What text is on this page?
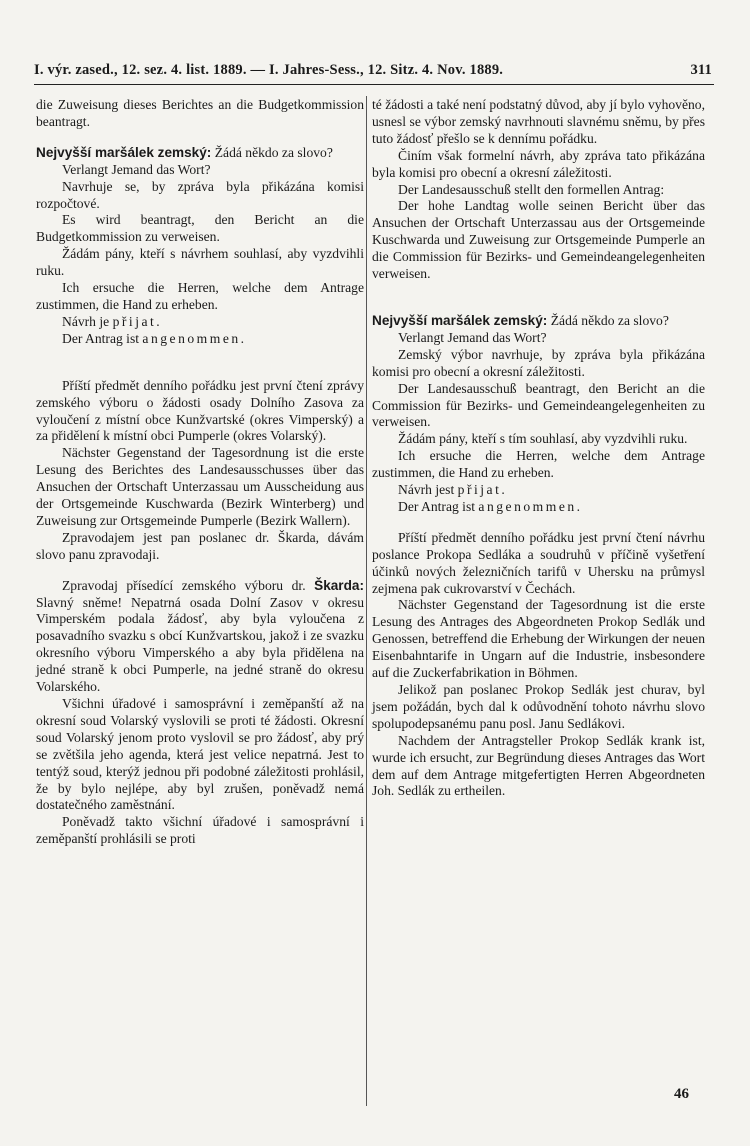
I. výr. zased., 12. sez. 4. list. 1889. — I. Jahres-Sess., 12. Sitz. 4. Nov. 1889.	311

die Zuweisung dieses Berichtes an die Budgetkommission beantragt.

Nejvyšší maršálek zemský: Žádá někdo za slovo?

Verlangt Jemand das Wort?

Navrhuje se, by zpráva byla přikázána komisi rozpočtové.

Es wird beantragt, den Bericht an die Budgetkommission zu verweisen.

Žádám pány, kteří s návrhem souhlasí, aby vyzdvihli ruku.

Ich ersuche die Herren, welche dem Antrage zustimmen, die Hand zu erheben.

Návrh je přijat.

Der Antrag ist angenommen.

Příští předmět denního pořádku jest první čtení zprávy zemského výboru o žádosti osady Dolního Zasova za vyloučení z místní obce Kunžvartské (okres Vimperský) a za přidělení k místní obci Pumperle (okres Volarský).

Nächster Gegenstand der Tagesordnung ist die erste Lesung des Berichtes des Landesausschusses über das Ansuchen der Ortschaft Unterzassau um Ausscheidung aus der Ortsgemeinde Kuschwarda (Bezirk Winterberg) und Zuweisung zur Ortsgemeinde Pumperle (Bezirk Wallern).

Zpravodajem jest pan poslanec dr. Škarda, dávám slovo panu zpravodaji.

Zpravodaj přísedící zemského výboru dr. Škarda: Slavný sněme! Nepatrná osada Dolní Zasov v okresu Vimperském podala žádosť, aby byla vyloučena z posavadního svazku s obcí Kunžvartskou, jakož i ze svazku okresního výboru Vimperského a aby byla přidělena na jedné straně k obci Pumperle, na jedné straně do okresu Volarského.

Všichni úřadové i samosprávní i zeměpanští až na okresní soud Volarský vyslovili se proti té žádosti. Okresní soud Volarský jenom proto vyslovil se pro žádosť, aby prý se zvětšila jeho agenda, která jest velice nepatrná. Jest to tentýž soud, kterýž jednou při podobné záležitosti prohlásil, že by bylo nejlépe, aby byl zrušen, poněvadž nemá dostatečného zaměstnání.

Poněvadž takto všichní úřadové i samosprávní i zeměpanští prohlásili se proti

té žádosti a také není podstatný důvod, aby jí bylo vyhověno, usnesl se výbor zemský navrhnouti slavnému sněmu, by přes tuto žádosť přešlo se k dennímu pořádku.

Činím však formelní návrh, aby zpráva tato přikázána byla komisi pro obecní a okresní záležitosti.

Der Landesausschuß stellt den formellen Antrag:

Der hohe Landtag wolle seinen Bericht über das Ansuchen der Ortschaft Unterzassau aus der Ortsgemeinde Kuschwarda und Zuweisung zur Ortsgemeinde Pumperle an die Commission für Bezirks- und Gemeindeangelegenheiten verweisen.

Nejvyšší maršálek zemský: Žádá někdo za slovo?

Verlangt Jemand das Wort?

Zemský výbor navrhuje, by zpráva byla přikázána komisi pro obecní a okresní záležitosti.

Der Landesausschuß beantragt, den Bericht an die Commission für Bezirks- und Gemeindeangelegenheiten zu verweisen.

Žádám pány, kteří s tím souhlasí, aby vyzdvihli ruku.

Ich ersuche die Herren, welche dem Antrage zustimmen, die Hand zu erheben.

Návrh jest přijat.

Der Antrag ist angenommen.

Příští předmět denního pořádku jest první čtení návrhu poslance Prokopa Sedláka a soudruhů v příčině vyšetření účinků nových železničních tarifů v Uhersku na průmysl zejmena pak cukrovarství v Čechách.

Nächster Gegenstand der Tagesordnung ist die erste Lesung des Antrages des Abgeordneten Prokop Sedlák und Genossen, betreffend die Erhebung der Wirkungen der neuen Eisenbahntarife in Ungarn auf die Industrie, insbesondere auf die Zuckerfabrikation in Böhmen.

Jelikož pan poslanec Prokop Sedlák jest churav, byl jsem požádán, bych dal k odůvodnění tohoto návrhu slovo spolupodepsanému panu posl. Janu Sedlákovi.

Nachdem der Antragsteller Prokop Sedlák krank ist, wurde ich ersucht, zur Begründung dieses Antrages das Wort dem auf dem Antrage mitgefertigten Herren Abgeordneten Joh. Sedlák zu ertheilen.

46
